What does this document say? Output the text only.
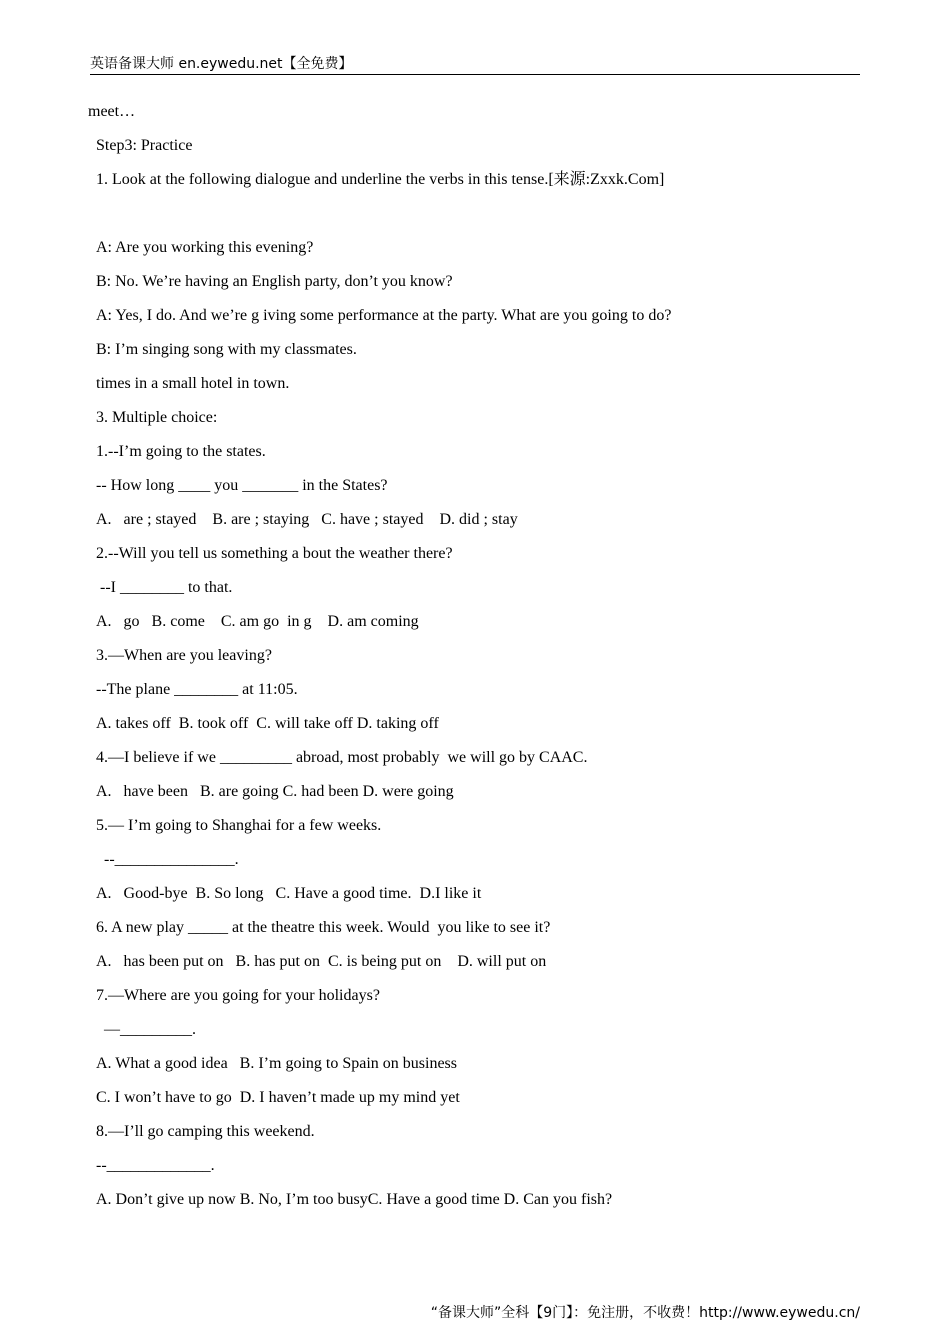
英语备课大师 en.eywedu.net【全免费】
meet…
Step3: Practice
1. Look at the following dialogue and underline the verbs in this tense.[来源:Zxxk.Com]
A: Are you working this evening?
B: No. We’re having an English party, don’t you know?
A: Yes, I do. And we’re g iving some performance at the party. What are you going to do?
B: I’m singing song with my classmates.
times in a small hotel in town.
3. Multiple choice:
1.--I’m going to the states.
-- How long ____ you _______ in the States?
A.   are ; stayed    B. are ; staying   C. have ; stayed    D. did ; stay
2.--Will you tell us something a bout the weather there?
--I ________ to that.
A.   go   B. come    C. am go  in g    D. am coming
3.—When are you leaving?
--The plane ________ at 11:05.
A. takes off  B. took off  C. will take off D. taking off
4.—I believe if we _________ abroad, most probably  we will go by CAAC.
A.   have been   B. are going C. had been D. were going
5.— I’m going to Shanghai for a few weeks.
--_______________.
A.   Good-bye  B. So long   C. Have a good time.  D.I like it
6. A new play _____ at the theatre this week. Would  you like to see it?
A.   has been put on   B. has put on  C. is being put on    D. will put on
7.—Where are you going for your holidays?
—_________.
A. What a good idea   B. I’m going to Spain on business
C. I won’t have to go  D. I haven’t made up my mind yet
8.—I’ll go camping this weekend.
--_____________.
A. Don’t give up now B. No, I’m too busyC. Have a good time D. Can you fish?
“备课大师”全科【9门】：免注册，不收费！http://www.eywedu.cn/
